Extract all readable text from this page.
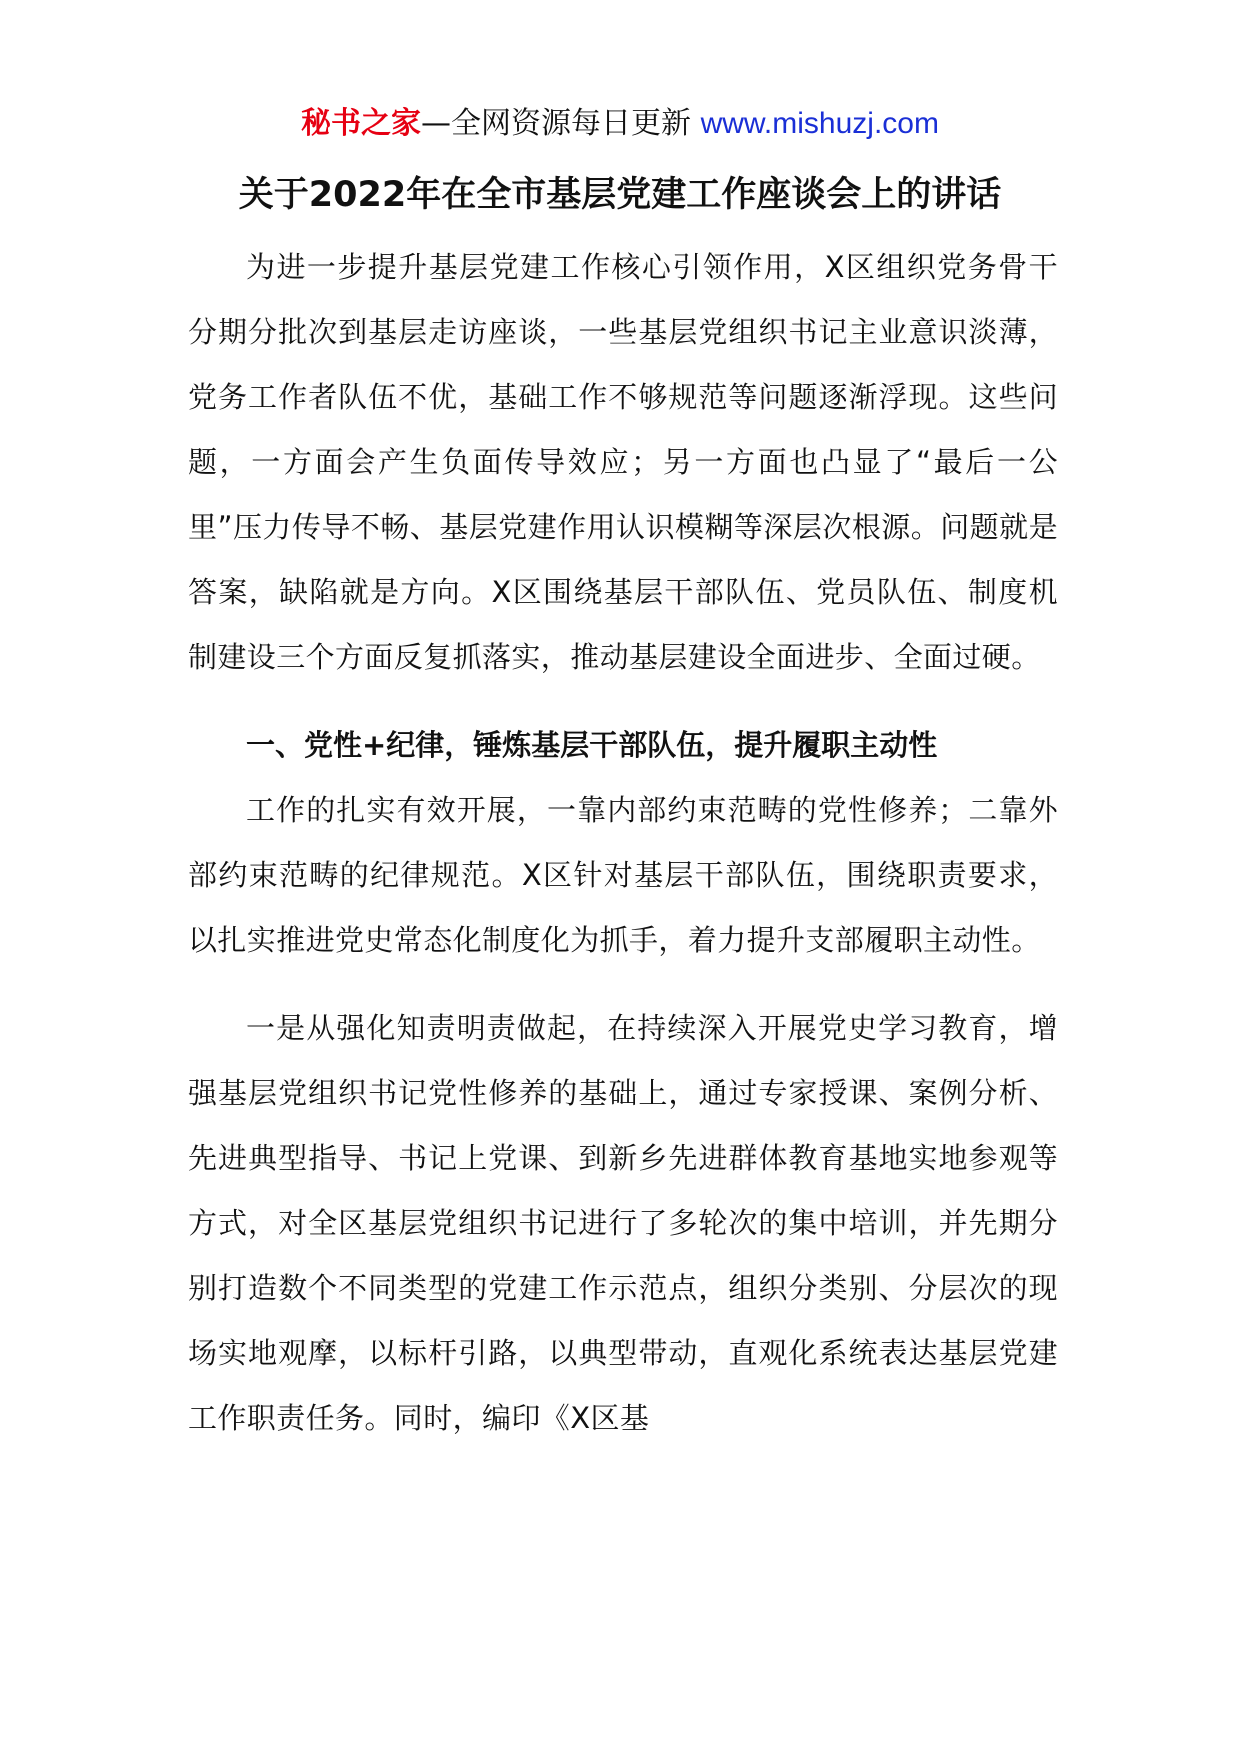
秘书之家—全网资源每日更新 www.mishuzj.com
关于2022年在全市基层党建工作座谈会上的讲话

为进一步提升基层党建工作核心引领作用，X区组织党务骨干分期分批次到基层走访座谈，一些基层党组织书记主业意识淡薄，党务工作者队伍不优，基础工作不够规范等问题逐渐浮现。这些问题，一方面会产生负面传导效应；另一方面也凸显了“最后一公里”压力传导不畅、基层党建作用认识模糊等深层次根源。问题就是答案，缺陷就是方向。X区围绕基层干部队伍、党员队伍、制度机制建设三个方面反复抓落实，推动基层建设全面进步、全面过硬。

一、党性+纪律，锤炼基层干部队伍，提升履职主动性

工作的扎实有效开展，一靠内部约束范畴的党性修养；二靠外部约束范畴的纪律规范。X区针对基层干部队伍，围绕职责要求，以扎实推进党史常态化制度化为抓手，着力提升支部履职主动性。

一是从强化知责明责做起，在持续深入开展党史学习教育，增强基层党组织书记党性修养的基础上，通过专家授课、案例分析、先进典型指导、书记上党课、到新乡先进群体教育基地实地参观等方式，对全区基层党组织书记进行了多轮次的集中培训，并先期分别打造数个不同类型的党建工作示范点，组织分类别、分层次的现场实地观摩，以标杆引路，以典型带动，直观化系统表达基层党建工作职责任务。同时，编印《X区基
